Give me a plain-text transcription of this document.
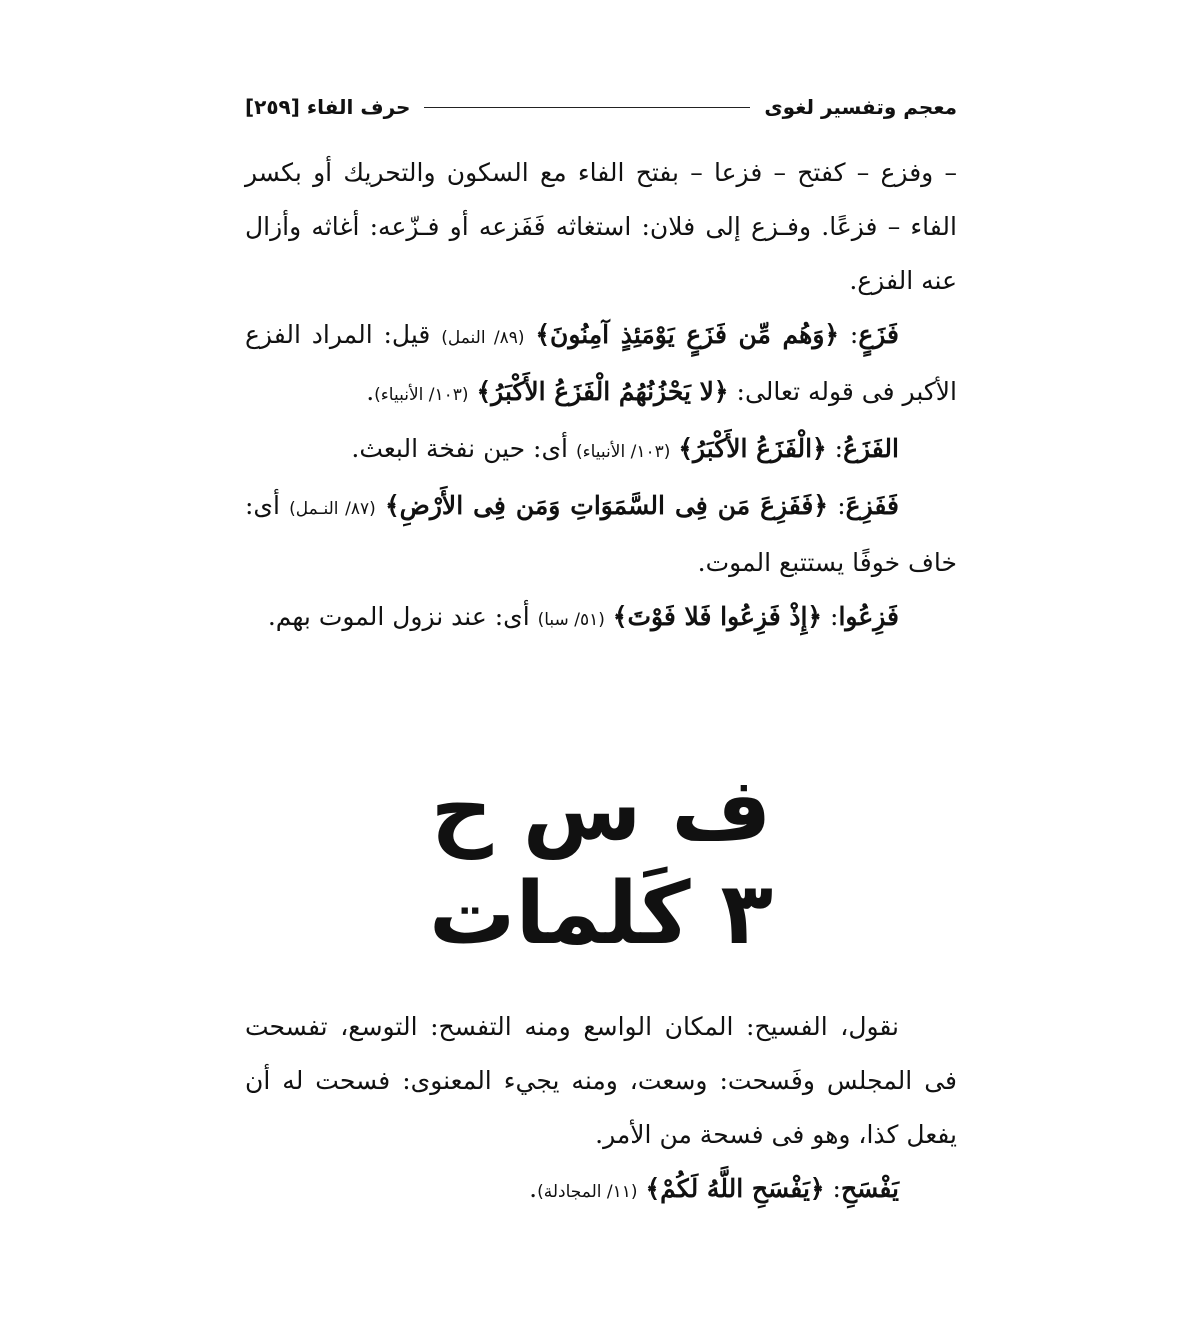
معجم وتفسير لغوى
حرف الفاء [٢٥٩]

– وفزع – كفتح – فزعا – بفتح الفاء مع السكون والتحريك أو بكسر الفاء – فزعًا. وفـزع إلى فلان: استغاثه فَفَزعه أو فـزّعه: أغاثه وأزال عنه الفزع.

فَزَعٍ: ﴿وَهُم مِّن فَزَعٍ يَوْمَئِذٍ آمِنُونَ﴾ (٨٩/ النمل) قيل: المراد الفزع الأكبر فى قوله تعالى: ﴿لا يَحْزُنُهُمُ الْفَزَعُ الأَكْبَرُ﴾ (١٠٣/ الأنبياء).

الفَزَعُ: ﴿الْفَزَعُ الأَكْبَرُ﴾ (١٠٣/ الأنبياء) أى: حين نفخة البعث.

فَفَزِعَ: ﴿فَفَزِعَ مَن فِى السَّمَوَاتِ وَمَن فِى الأَرْضِ﴾ (٨٧/ النـمل) أى: خاف خوفًا يستتبع الموت.

فَزِعُوا: ﴿إِذْ فَزِعُوا فَلا فَوْتَ﴾ (٥١/ سبا) أى: عند نزول الموت بهم.

ف س ح
٣ كَلمات

نقول، الفسيح: المكان الواسع ومنه التفسح: التوسع، تفسحت فى المجلس وفَسحت: وسعت، ومنه يجيء المعنوى: فسحت له أن يفعل كذا، وهو فى فسحة من الأمر.

يَفْسَحِ: ﴿يَفْسَحِ اللَّهُ لَكُمْ﴾ (١١/ المجادلة).
